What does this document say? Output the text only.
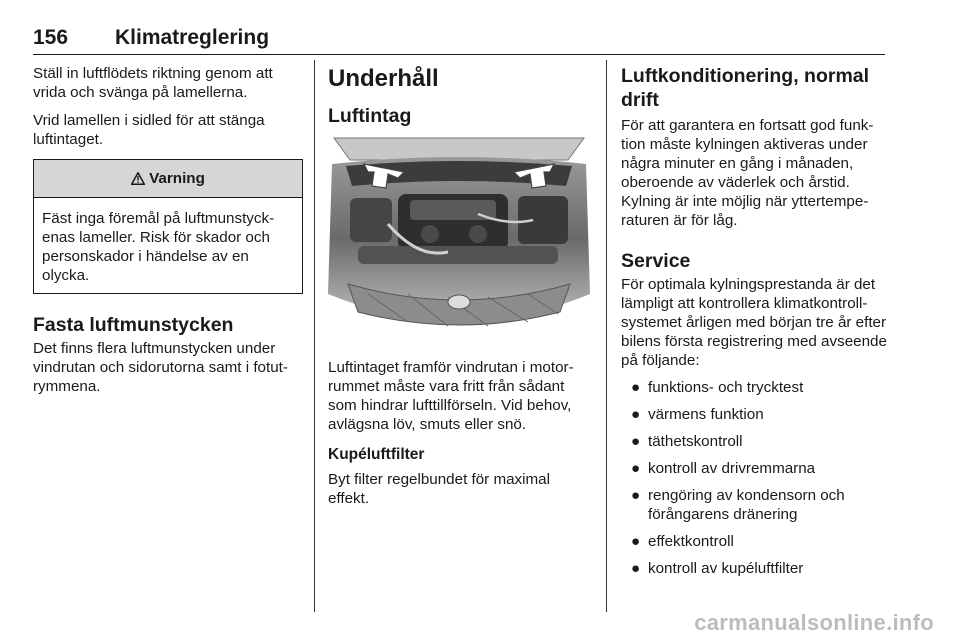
156 Klimatreglering

Ställ in luftflödets riktning genom att vrida och svänga på lamellerna.

Vrid lamellen i sidled för att stänga luftintaget.

Varning

Fäst inga föremål på luftmunstyck-enas lameller. Risk för skador och personskador i händelse av en olycka.

Fasta luftmunstycken

Det finns flera luftmunstycken under vindrutan och sidorutorna samt i fotut-rymmena.

Underhåll
Luftintag

Luftintaget framför vindrutan i motor-rummet måste vara fritt från sådant som hindrar lufttillförseln. Vid behov, avlägsna löv, smuts eller snö.

Kupéluftfilter

Byt filter regelbundet för maximal effekt.

Luftkonditionering, normal drift

För att garantera en fortsatt god funk-tion måste kylningen aktiveras under några minuter en gång i månaden, oberoende av väderlek och årstid. Kylning är inte möjlig när yttertempe-raturen är för låg.

Service

För optimala kylningsprestanda är det lämpligt att kontrollera klimatkontroll-systemet årligen med början tre år efter bilens första registrering med avseende på följande:

● funktions- och trycktest
● värmens funktion
● täthetskontroll
● kontroll av drivremmarna
● rengöring av kondensorn och förångarens dränering
● effektkontroll
● kontroll av kupéluftfilter
carmanualsonline.info
